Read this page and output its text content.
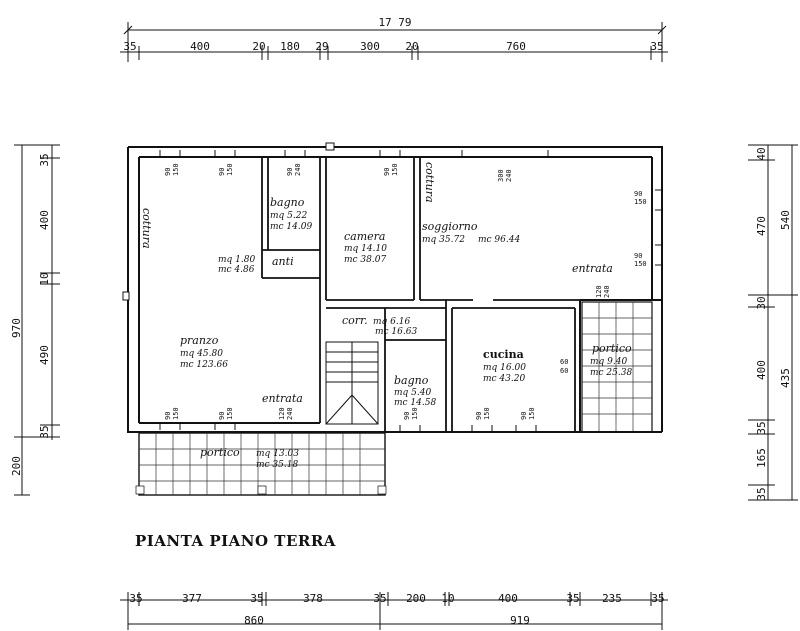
17 79
35	400	20 180 29	300 20	760	35
970
35
400
10
490
35
200
40
470
30
400
35
165
35
540
435
35	377	35	378	35 200 10	400	35 235	35
860	919
90 150	90 150	90 240	90 150	300 240
90
150
90
150
120 240
90 150	90 150	120 240	90 150	90 150	90 150
60
60
bagno
mq 5.22
mc 14.09
camera
mq 14.10
mc 38.07
soggiorno
mq 35.72 mc 96.44
mq 1.80
mc 4.86
anti
pranzo
mq 45.80
mc 123.66
corr. mq 6.16
mc 16.63
cucina
mq 16.00
mc 43.20
bagno
mq 5.40
mc 14.58
portico
mq 9.40
mc 25.38
portico mq 13.03
mc 35.18
cottura
cottura
entrata
entrata
PIANTA PIANO TERRA
